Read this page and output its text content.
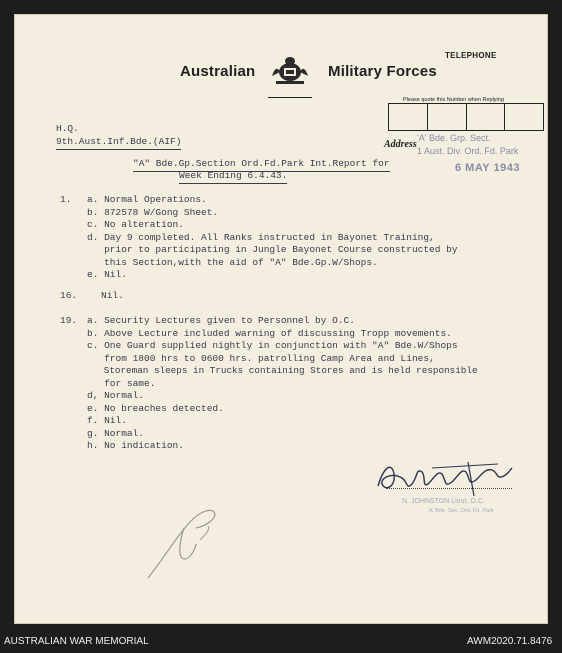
Australian	Military Forces
TELEPHONE
Please quote this Number when Replying
Address
'A' Bde. Grp. Sect.
1 Aust. Div. Ord. Fd. Park
6 MAY 1943
H.Q.
9th.Aust.Inf.Bde.(AIF)
"A" Bde.Gp.Section Ord.Fd.Park Int.Report for
Week Ending 6.4.43.
1. a. Normal Operations.
b. 872578 W/Gong Sheet.
c. No alteration.
d. Day 9 completed. All Ranks instructed in Bayonet Training,
prior to participating in Jungle Bayonet Course constructed by
this Section,with the aid of "A" Bde.Gp.W/Shops.
e. Nil.
16.	Nil.
19. a. Security Lectures given to Personnel by O.C.
b. Above Lecture included warning of discussing Tropp movements.
c. One Guard supplied nightly in conjunction with "A" Bde.W/Shops
from 1800 hrs to 0600 hrs. patrolling Camp Area and Lines,
Storeman sleeps in Trucks containing Stores and is held responsible
for same.
d, Normal.
e. No breaches detected.
f. Nil.
g. Normal.
h. No indication.
N. JOHNSTON Lieut. O.C.
'A' Bde. Sec. Ord. Fd. Park
AUSTRALIAN WAR MEMORIAL	AWM2020.71.8476
